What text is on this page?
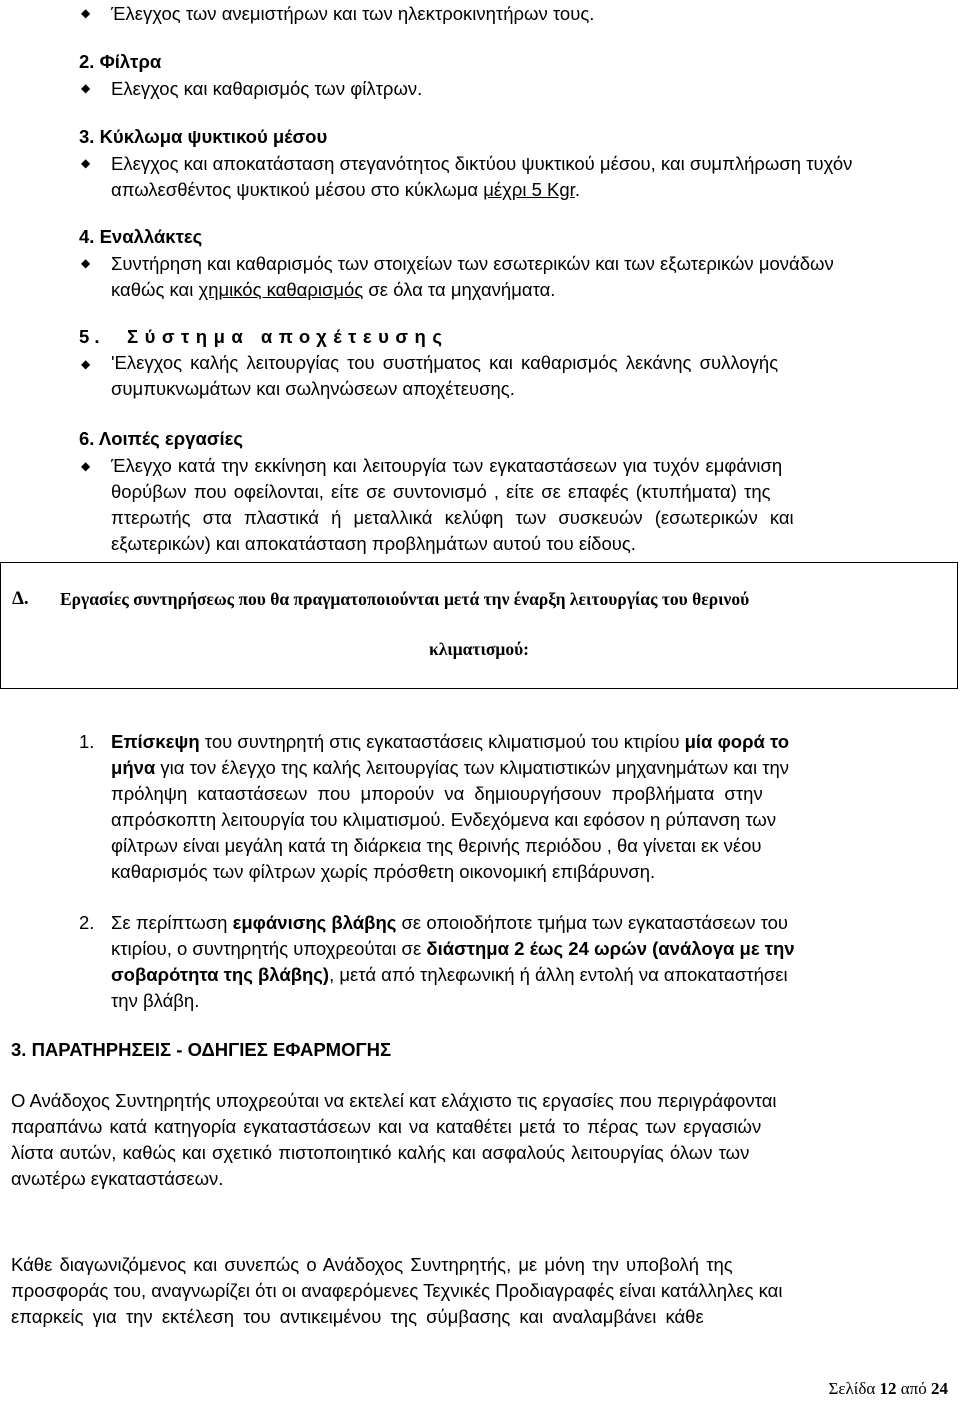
Έλεγχος των ανεμιστήρων και των ηλεκτροκινητήρων τους.
2. Φίλτρα
Ελεγχος και καθαρισμός των φίλτρων.
3. Κύκλωμα ψυκτικού μέσου
Ελεγχος και αποκατάσταση στεγανότητος δικτύου ψυκτικού μέσου, και συμπλήρωση τυχόν
απωλεσθέντος ψυκτικού μέσου στο κύκλωμα μέχρι 5 Kgr.
4. Εναλλάκτες
Συντήρηση και καθαρισμός των στοιχείων των εσωτερικών και των εξωτερικών μονάδων
καθώς και χημικός καθαρισμός σε όλα τα μηχανήματα.
5 . Σύστημα αποχέτευσης
'Ελεγχος καλής λειτουργίας του συστήματος και καθαρισμός λεκάνης συλλογής
συμπυκνωμάτων και σωληνώσεων αποχέτευσης.
6. Λοιπές εργασίες
Έλεγχο κατά την εκκίνηση και λειτουργία των εγκαταστάσεων για τυχόν εμφάνιση
θορύβων που οφείλονται, είτε σε συντονισμό , είτε σε επαφές (κτυπήματα) της
πτερωτής στα πλαστικά ή μεταλλικά κελύφη των συσκευών (εσωτερικών και
εξωτερικών) και αποκατάσταση προβλημάτων αυτού του είδους.
Δ. Εργασίες συντηρήσεως που θα πραγματοποιούνται μετά την έναρξη λειτουργίας του θερινού
κλιματισμού:
1. Επίσκεψη του συντηρητή στις εγκαταστάσεις κλιματισμού του κτιρίου μία φορά το
μήνα για τον έλεγχο της καλής λειτουργίας των κλιματιστικών μηχανημάτων και την
πρόληψη καταστάσεων που μπορούν να δημιουργήσουν προβλήματα στην
απρόσκοπτη λειτουργία του κλιματισμού. Ενδεχόμενα και εφόσον η ρύπανση των
φίλτρων είναι μεγάλη κατά τη διάρκεια της θερινής περιόδου , θα γίνεται εκ νέου
καθαρισμός των φίλτρων χωρίς πρόσθετη οικονομική επιβάρυνση.
2. Σε περίπτωση εμφάνισης βλάβης σε οποιοδήποτε τμήμα των εγκαταστάσεων του
κτιρίου, ο συντηρητής υποχρεούται σε διάστημα 2 έως 24 ωρών (ανάλογα με την
σοβαρότητα της βλάβης), μετά από τηλεφωνική ή άλλη εντολή να αποκαταστήσει
την βλάβη.
3. ΠΑΡΑΤΗΡΗΣΕΙΣ - ΟΔΗΓΙΕΣ ΕΦΑΡΜΟΓΗΣ
Ο Ανάδοχος Συντηρητής υποχρεούται να εκτελεί κατ ελάχιστο τις εργασίες που περιγράφονται
παραπάνω κατά κατηγορία εγκαταστάσεων και να καταθέτει μετά το πέρας των εργασιών
λίστα αυτών, καθώς και σχετικό πιστοποιητικό καλής και ασφαλούς λειτουργίας όλων των
ανωτέρω εγκαταστάσεων.
Κάθε διαγωνιζόμενος και συνεπώς ο Ανάδοχος Συντηρητής, με μόνη την υποβολή της
προσφοράς του, αναγνωρίζει ότι οι αναφερόμενες Τεχνικές Προδιαγραφές είναι κατάλληλες και
επαρκείς για την εκτέλεση του αντικειμένου της σύμβασης και αναλαμβάνει κάθε
Σελίδα 12 από 24
